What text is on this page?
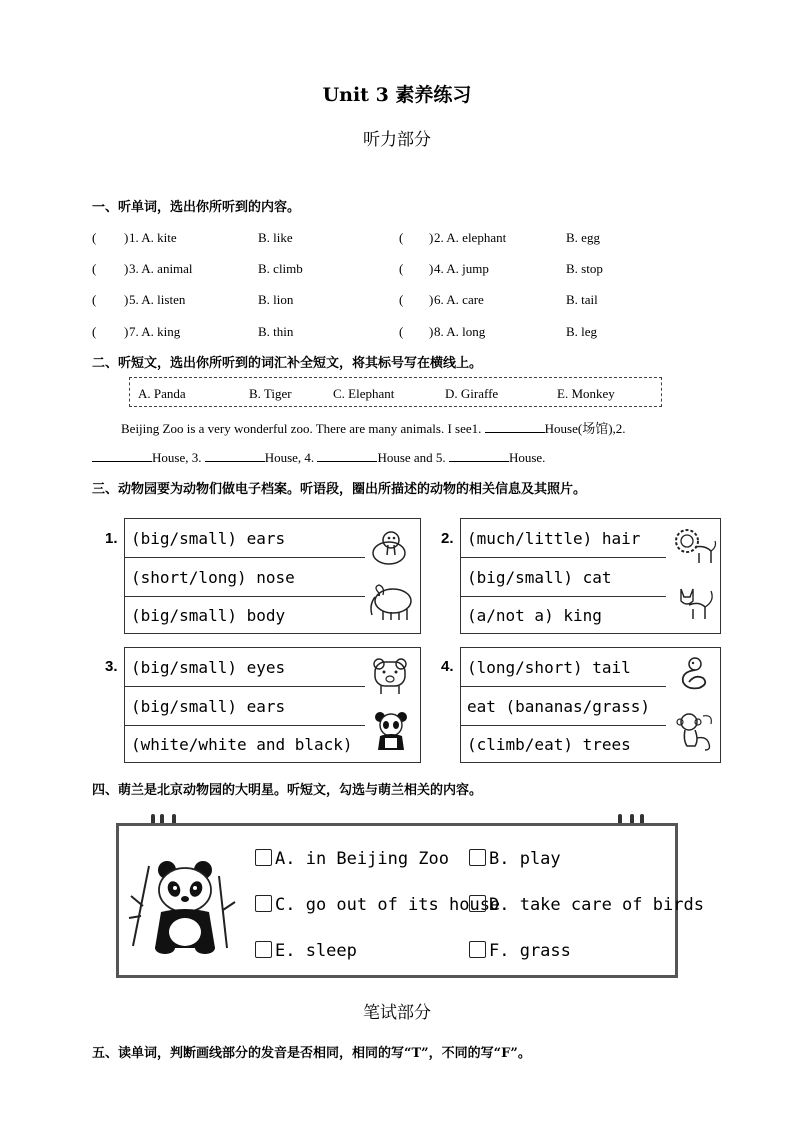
Unit 3 素养练习
听力部分
一、听单词，选出你所听到的内容。
( ) 1. A. kite	B. like	( ) 2. A. elephant	B. egg
( ) 3. A. animal	B. climb	( ) 4. A. jump	B. stop
( ) 5. A. listen	B. lion	( ) 6. A. care	B. tail
( ) 7. A. king	B. thin	( ) 8. A. long	B. leg
二、听短文，选出你所听到的词汇补全短文，将其标号写在横线上。
A. Panda	B. Tiger	C. Elephant	D. Giraffe	E. Monkey
Beijing Zoo is a very wonderful zoo. There are many animals. I see1.	House(场馆),2.
House, 3.	House, 4.	House and 5.	House.
三、动物园要为动物们做电子档案。听语段，圈出所描述的动物的相关信息及其照片。
1. (big/small) ears
(short/long) nose
(big/small) body
2. (much/little) hair
(big/small) cat
(a/not a) king
3. (big/small) eyes
(big/small) ears
(white/white and black)
4. (long/short) tail
eat (bananas/grass)
(climb/eat) trees
四、萌兰是北京动物园的大明星。听短文，勾选与萌兰相关的内容。
A. in Beijing Zoo	B. play
C. go out of its house
D. take care of birds
E. sleep	F. grass
笔试部分
五、读单词，判断画线部分的发音是否相同，相同的写“T”，不同的写“F”。
